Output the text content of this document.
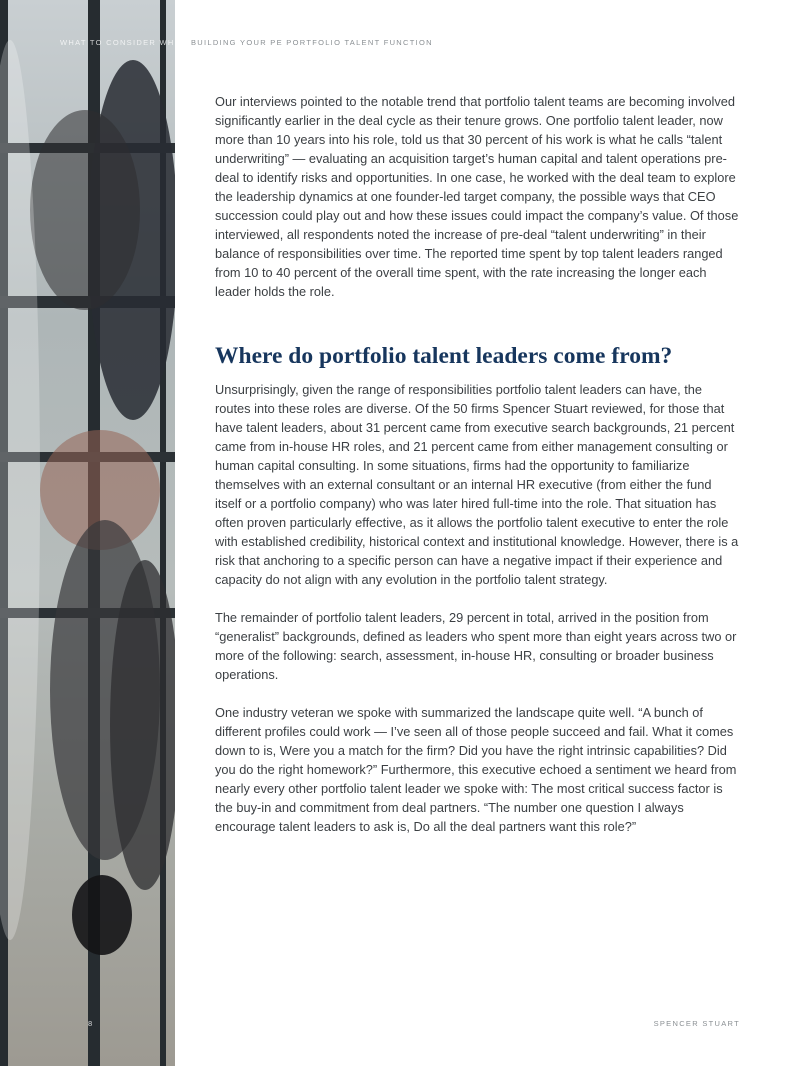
WHAT TO CONSIDER WHEN BUILDING YOUR PE PORTFOLIO TALENT FUNCTION

Our interviews pointed to the notable trend that portfolio talent teams are becoming involved significantly earlier in the deal cycle as their tenure grows. One portfolio talent leader, now more than 10 years into his role, told us that 30 percent of his work is what he calls “talent underwriting” — evaluating an acquisition target’s human capital and talent operations pre-deal to identify risks and opportunities. In one case, he worked with the deal team to explore the leadership dynamics at one founder-led target company, the possible ways that CEO succession could play out and how these issues could impact the company’s value. Of those interviewed, all respondents noted the increase of pre-deal “talent underwriting” in their balance of responsibilities over time. The reported time spent by top talent leaders ranged from 10 to 40 percent of the overall time spent, with the rate increasing the longer each leader holds the role.

Where do portfolio talent leaders come from?

Unsurprisingly, given the range of responsibilities portfolio talent leaders can have, the routes into these roles are diverse. Of the 50 firms Spencer Stuart reviewed, for those that have talent leaders, about 31 percent came from executive search backgrounds, 21 percent came from in-house HR roles, and 21 percent came from either management consulting or human capital consulting. In some situations, firms had the opportunity to familiarize themselves with an external consultant or an internal HR executive (from either the fund itself or a portfolio company) who was later hired full-time into the role. That situation has often proven particularly effective, as it allows the portfolio talent executive to enter the role with established credibility, historical context and institutional knowledge. However, there is a risk that anchoring to a specific person can have a negative impact if their experience and capacity do not align with any evolution in the portfolio talent strategy.

The remainder of portfolio talent leaders, 29 percent in total, arrived in the position from “generalist” backgrounds, defined as leaders who spent more than eight years across two or more of the following: search, assessment, in-house HR, consulting or broader business operations.

One industry veteran we spoke with summarized the landscape quite well. “A bunch of different profiles could work — I’ve seen all of those people succeed and fail. What it comes down to is, Were you a match for the firm? Did you have the right intrinsic capabilities? Did you do the right homework?” Furthermore, this executive echoed a sentiment we heard from nearly every other portfolio talent leader we spoke with: The most critical success factor is the buy-in and commitment from deal partners. “The number one question I always encourage talent leaders to ask is, Do all the deal partners want this role?”

8	SPENCER STUART
